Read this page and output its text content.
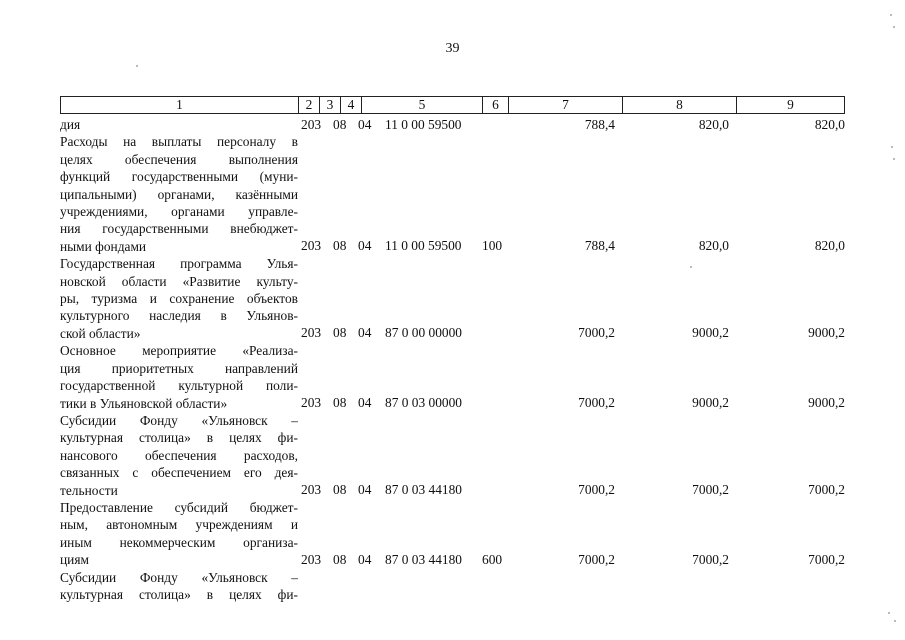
39
1	2	3	4	5	6	7	8	9
дия	203 08 04 11 0 00 59500	788,4	820,0	820,0
Расходы на выплаты персоналу в
целях обеспечения выполнения
функций государственными (муни-
ципальными) органами, казёнными
учреждениями, органами управле-
ния государственными внебюджет-
ными фондами	203 08 04 11 0 00 59500 100	788,4	820,0	820,0
Государственная программа Улья-
новской области «Развитие культу-
ры, туризма и сохранение объектов
культурного наследия в Ульянов-
ской области»	203 08 04 87 0 00 00000	7000,2	9000,2	9000,2
Основное мероприятие «Реализа-
ция приоритетных направлений
государственной культурной поли-
тики в Ульяновской области»	203 08 04 87 0 03 00000	7000,2	9000,2	9000,2
Субсидии Фонду «Ульяновск –
культурная столица» в целях фи-
нансового обеспечения расходов,
связанных с обеспечением его дея-
тельности	203 08 04 87 0 03 44180	7000,2	7000,2	7000,2
Предоставление субсидий бюджет-
ным, автономным учреждениям и
иным некоммерческим организа-
циям	203 08 04 87 0 03 44180 600	7000,2	7000,2	7000,2
Субсидии Фонду «Ульяновск –
культурная столица» в целях фи-
